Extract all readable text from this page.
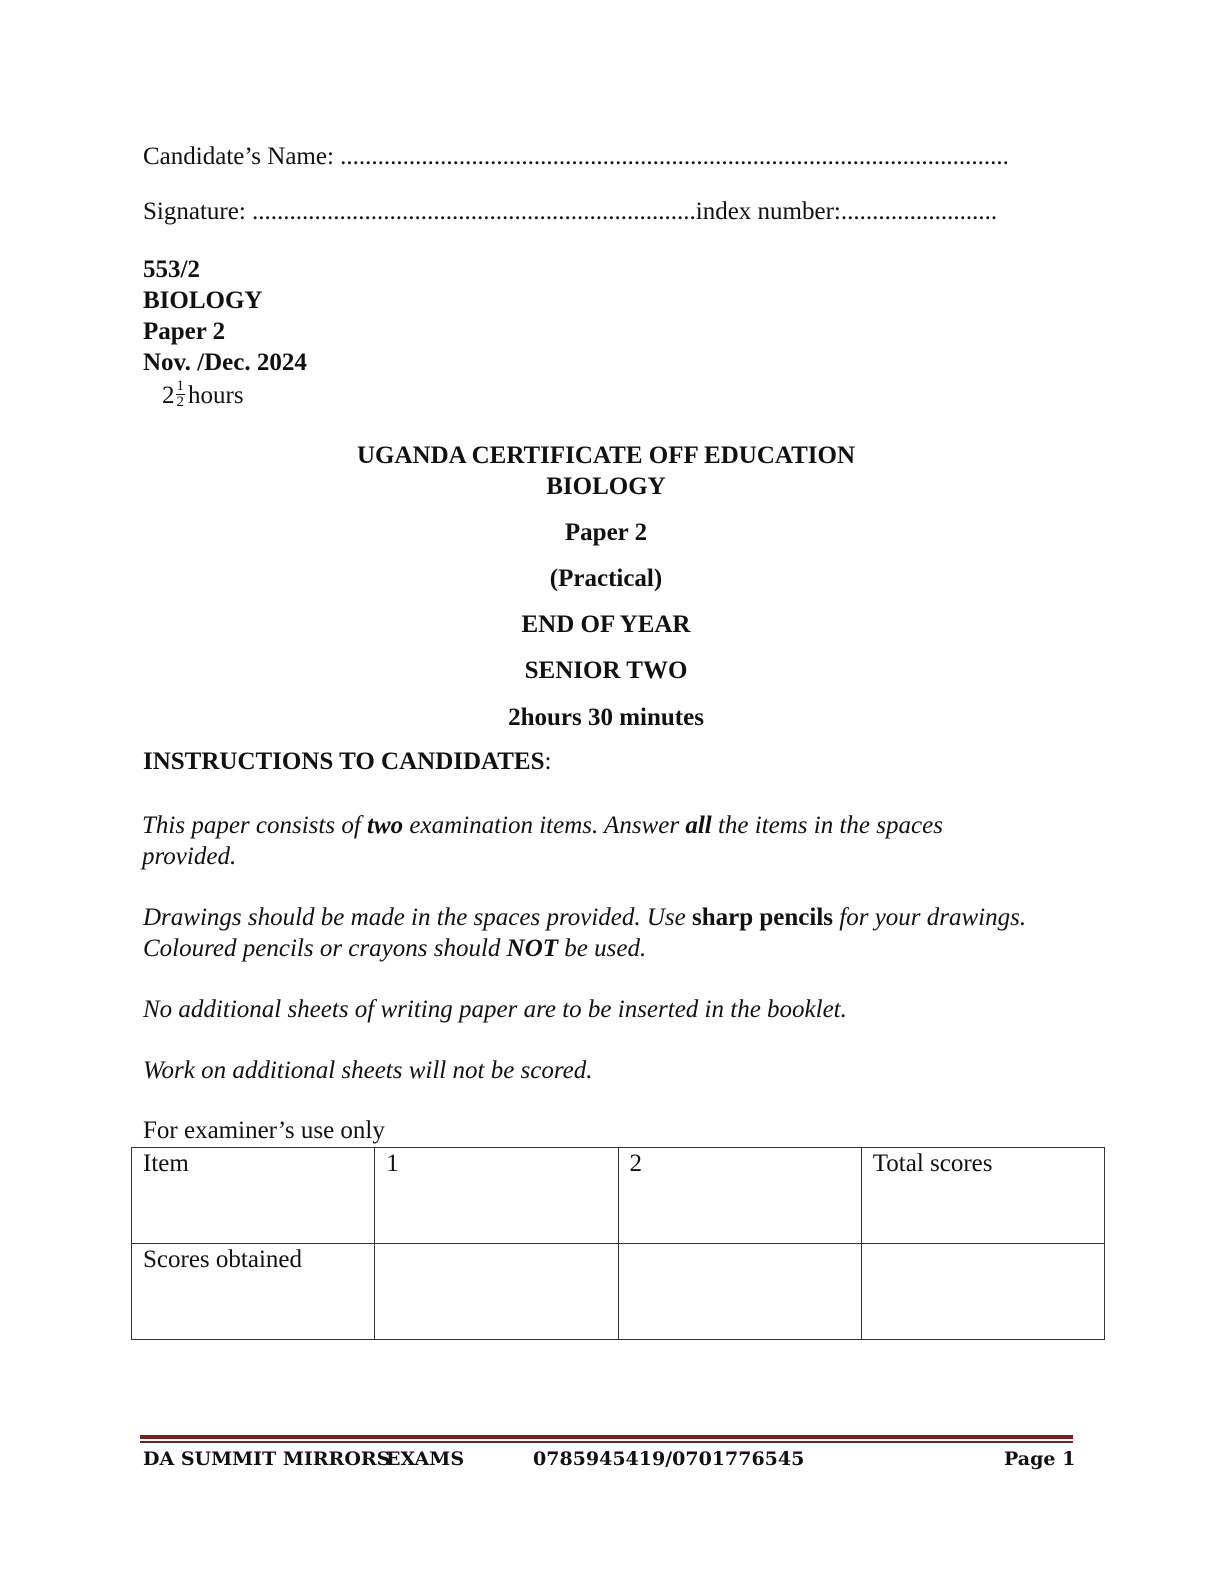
Candidate’s Name: ...........................................................................................................
Signature: .......................................................................index number:.........................
553/2
BIOLOGY
Paper 2
Nov. /Dec. 2024
$2 \frac{1}{2}$ hours
UGANDA CERTIFICATE OFF EDUCATION
BIOLOGY
Paper 2
(Practical)
END OF YEAR
SENIOR TWO
2hours 30 minutes
INSTRUCTIONS TO CANDIDATES:
This paper consists of two examination items. Answer all the items in the spaces provided.
Drawings should be made in the spaces provided. Use sharp pencils for your drawings. Coloured pencils or crayons should NOT be used.
No additional sheets of writing paper are to be inserted in the booklet.
Work on additional sheets will not be scored.
For examiner’s use only
Item	1	2	Total scores
Scores obtained			
DA SUMMIT MIRRORS
EXAMS	0785945419/0701776545	Page 1
